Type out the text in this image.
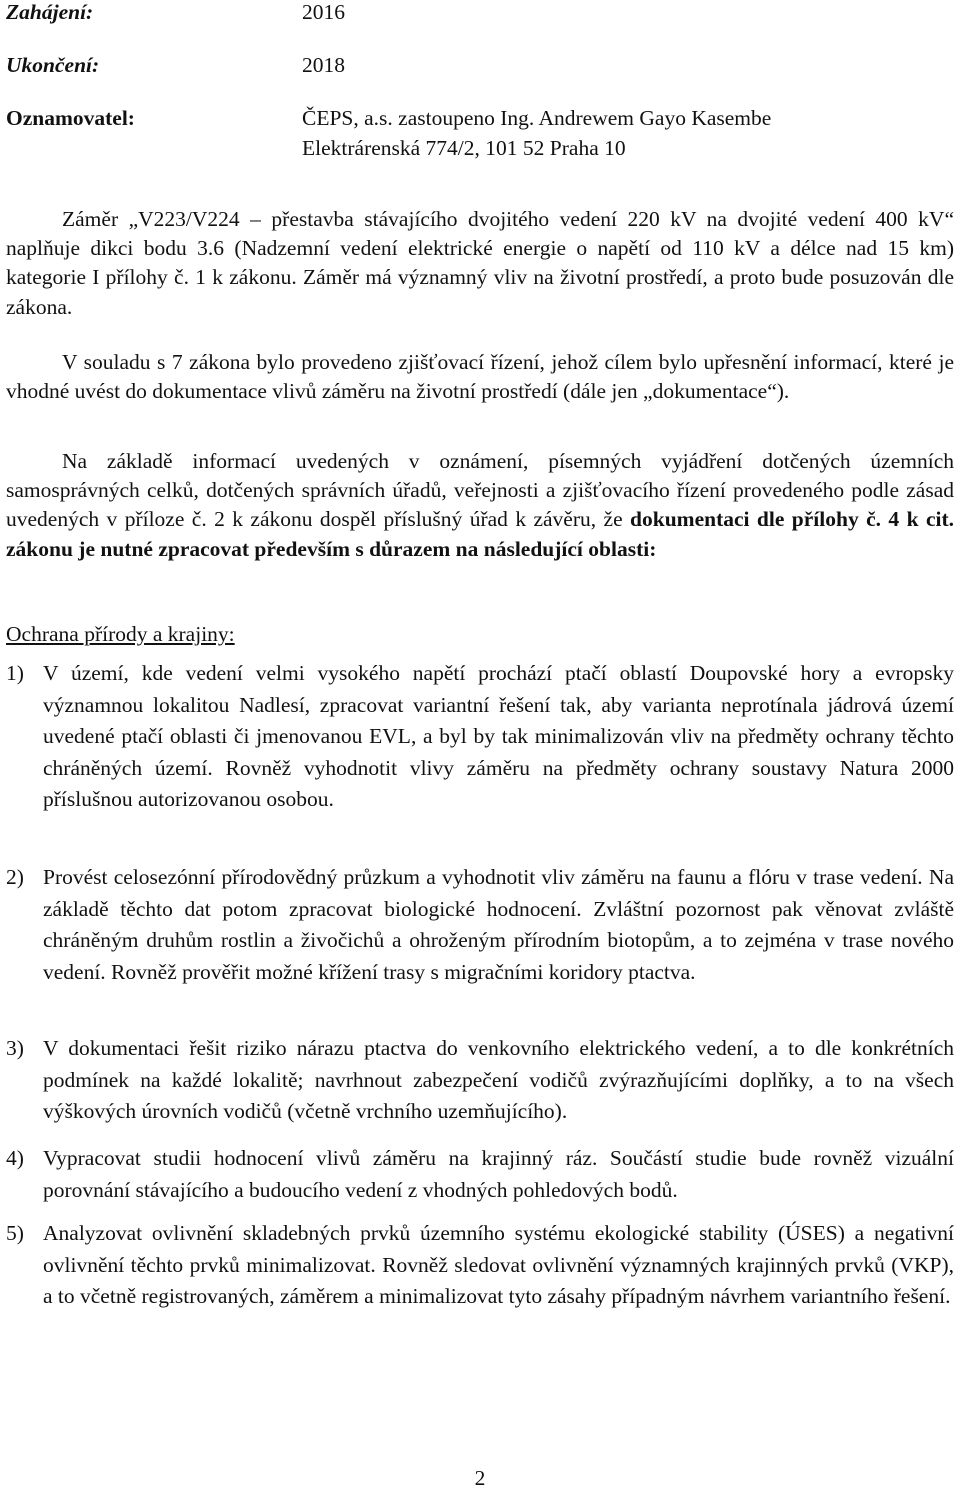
Zahájení:	2016
Ukončení:	2018
Oznamovatel:	ČEPS, a.s. zastoupeno Ing. Andrewem Gayo Kasembe
Elektrárenská 774/2, 101 52 Praha 10
Záměr „V223/V224 – přestavba stávajícího dvojitého vedení 220 kV na dvojité vedení 400 kV“ naplňuje dikci bodu 3.6 (Nadzemní vedení elektrické energie o napětí od 110 kV a délce nad 15 km) kategorie I přílohy č. 1 k zákonu. Záměr má významný vliv na životní prostředí, a proto bude posuzován dle zákona.
V souladu s 7 zákona bylo provedeno zjišťovací řízení, jehož cílem bylo upřesnění informací, které je vhodné uvést do dokumentace vlivů záměru na životní prostředí (dále jen „dokumentace“).
Na základě informací uvedených v oznámení, písemných vyjádření dotčených územních samosprávných celků, dotčených správních úřadů, veřejnosti a zjišťovacího řízení provedeného podle zásad uvedených v příloze č. 2 k zákonu dospěl příslušný úřad k závěru, že dokumentaci dle přílohy č. 4 k cit. zákonu je nutné zpracovat především s důrazem na následující oblasti:
Ochrana přírody a krajiny:
1) V území, kde vedení velmi vysokého napětí prochází ptačí oblastí Doupovské hory a evropsky významnou lokalitou Nadlesí, zpracovat variantní řešení tak, aby varianta neprotínala jádrová území uvedené ptačí oblasti či jmenovanou EVL, a byl by tak minimalizován vliv na předměty ochrany těchto chráněných území. Rovněž vyhodnotit vlivy záměru na předměty ochrany soustavy Natura 2000 příslušnou autorizovanou osobou.
2) Provést celosezónní přírodovědný průzkum a vyhodnotit vliv záměru na faunu a flóru v trase vedení. Na základě těchto dat potom zpracovat biologické hodnocení. Zvláštní pozornost pak věnovat zvláště chráněným druhům rostlin a živočichů a ohroženým přírodním biotopům, a to zejména v trase nového vedení. Rovněž prověřit možné křížení trasy s migračními koridory ptactva.
3) V dokumentaci řešit riziko nárazu ptactva do venkovního elektrického vedení, a to dle konkrétních podmínek na každé lokalitě; navrhnout zabezpečení vodičů zvýrazňujícími doplňky, a to na všech výškových úrovních vodičů (včetně vrchního uzemňujícího).
4) Vypracovat studii hodnocení vlivů záměru na krajinný ráz. Součástí studie bude rovněž vizuální porovnání stávajícího a budoucího vedení z vhodných pohledových bodů.
5) Analyzovat ovlivnění skladebných prvků územního systému ekologické stability (ÚSES) a negativní ovlivnění těchto prvků minimalizovat. Rovněž sledovat ovlivnění významných krajinných prvků (VKP), a to včetně registrovaných, záměrem a minimalizovat tyto zásahy případným návrhem variantního řešení.
2
